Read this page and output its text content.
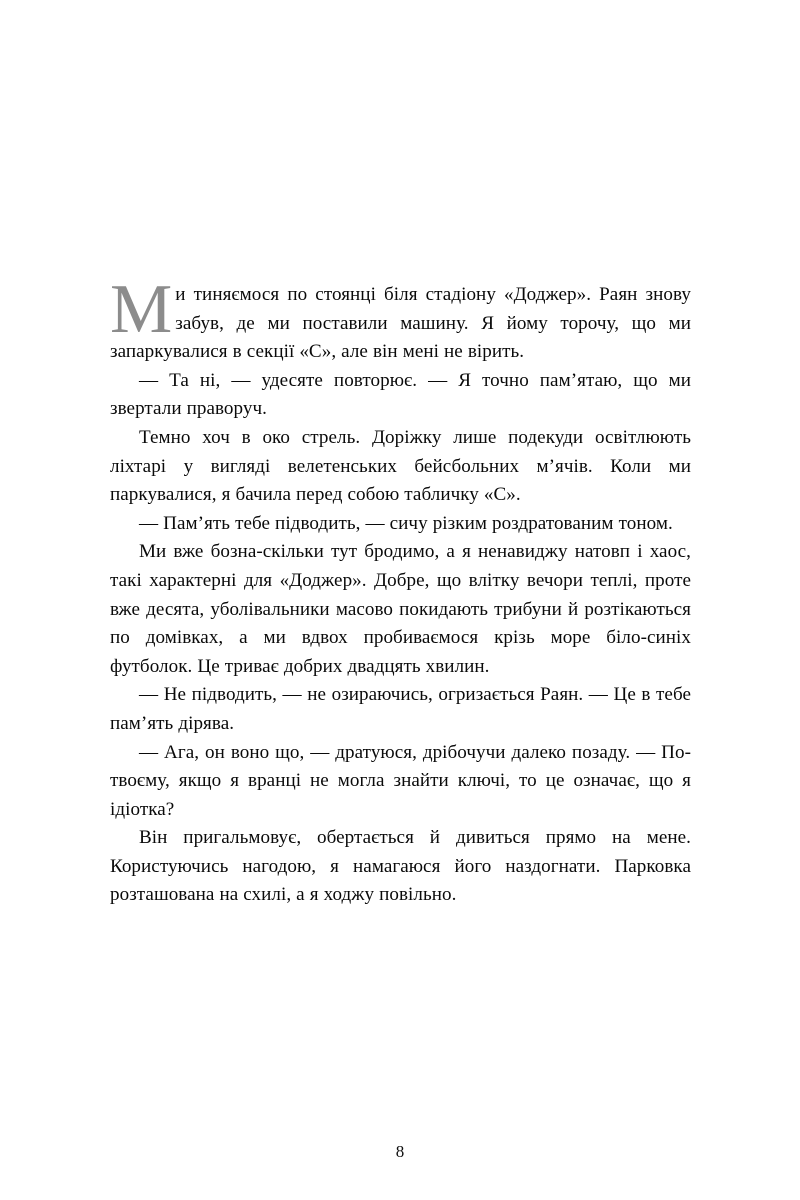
Ми тиняємося по стоянці біля стадіону «Доджер». Раян знову забув, де ми поставили машину. Я йому торочу, що ми запаркувалися в секції «С», але він мені не вірить.

— Та ні, — удесяте повторює. — Я точно пам’ятаю, що ми звертали праворуч.

Темно хоч в око стрель. Доріжку лише подекуди освітлюють ліхтарі у вигляді велетенських бейсбольних м’ячів. Коли ми паркувалися, я бачила перед собою табличку «С».

— Пам’ять тебе підводить, — сичу різким роздратованим тоном.

Ми вже бозна-скільки тут бродимо, а я ненавиджу натовп і хаос, такі характерні для «Доджер». Добре, що влітку вечори теплі, проте вже десята, уболівальники масово покидають трибуни й розтікаються по домівках, а ми вдвох пробиваємося крізь море біло-синіх футболок. Це триває добрих двадцять хвилин.

— Не підводить, — не озираючись, огризається Раян. — Це в тебе пам’ять дірява.

— Ага, он воно що, — дратуюся, дрібочучи далеко позаду. — По-твоєму, якщо я вранці не могла знайти ключі, то це означає, що я ідіотка?

Він пригальмовує, обертається й дивиться прямо на мене. Користуючись нагодою, я намагаюся його наздогнати. Парковка розташована на схилі, а я ходжу повільно.

8
